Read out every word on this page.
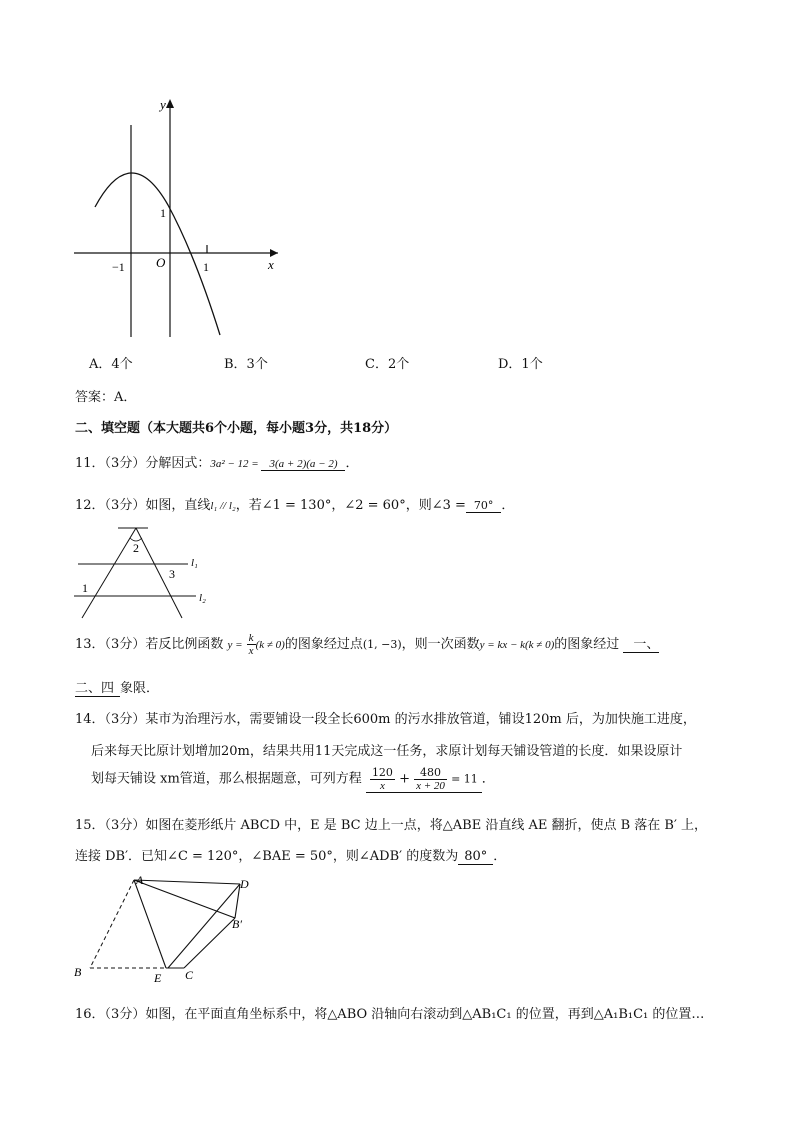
y
x
O
1
−1	1
A．4个	B．3个	C．2个	D．1个
答案：A．
二、填空题（本大题共6个小题，每小题3分，共18分）
11．（3分）分解因式：3a² − 12 = 3(a + 2)(a − 2) ．
12．（3分）如图，直线l₁ // l₂，若∠1 = 130°，∠2 = 60°，则∠3 = 70° ．
l₁
l₂
1
2
3
13．（3分）若反比例函数 $y = \frac{k}{x} (k \ne 0)$的图象经过点(1, −3)，则一次函数y = kx − k(k ≠ 0)的图象经过 一、
二、四 象限．
14．（3分）某市为治理污水，需要铺设一段全长600m 的污水排放管道，铺设120m 后，为加快施工进度，
后来每天比原计划增加20m，结果共用11天完成这一任务，求原计划每天铺设管道的长度．如果设原计
划每天铺设 xm管道，那么根据题意，可列方程 $\frac{120}{x} + \frac{480}{x + 20} = 11$ ．
15．（3分）如图在菱形纸片 ABCD 中，E 是 BC 边上一点，将△ABE 沿直线 AE 翻折，使点 B 落在 B′ 上，
连接 DB′．已知∠C = 120°，∠BAE = 50°，则∠ADB′ 的度数为 80° ．
A	D
B′
B	E C
16．（3分）如图，在平面直角坐标系中，将△ABO 沿轴向右滚动到△AB₁C₁ 的位置，再到△A₁B₁C₁ 的位置…
